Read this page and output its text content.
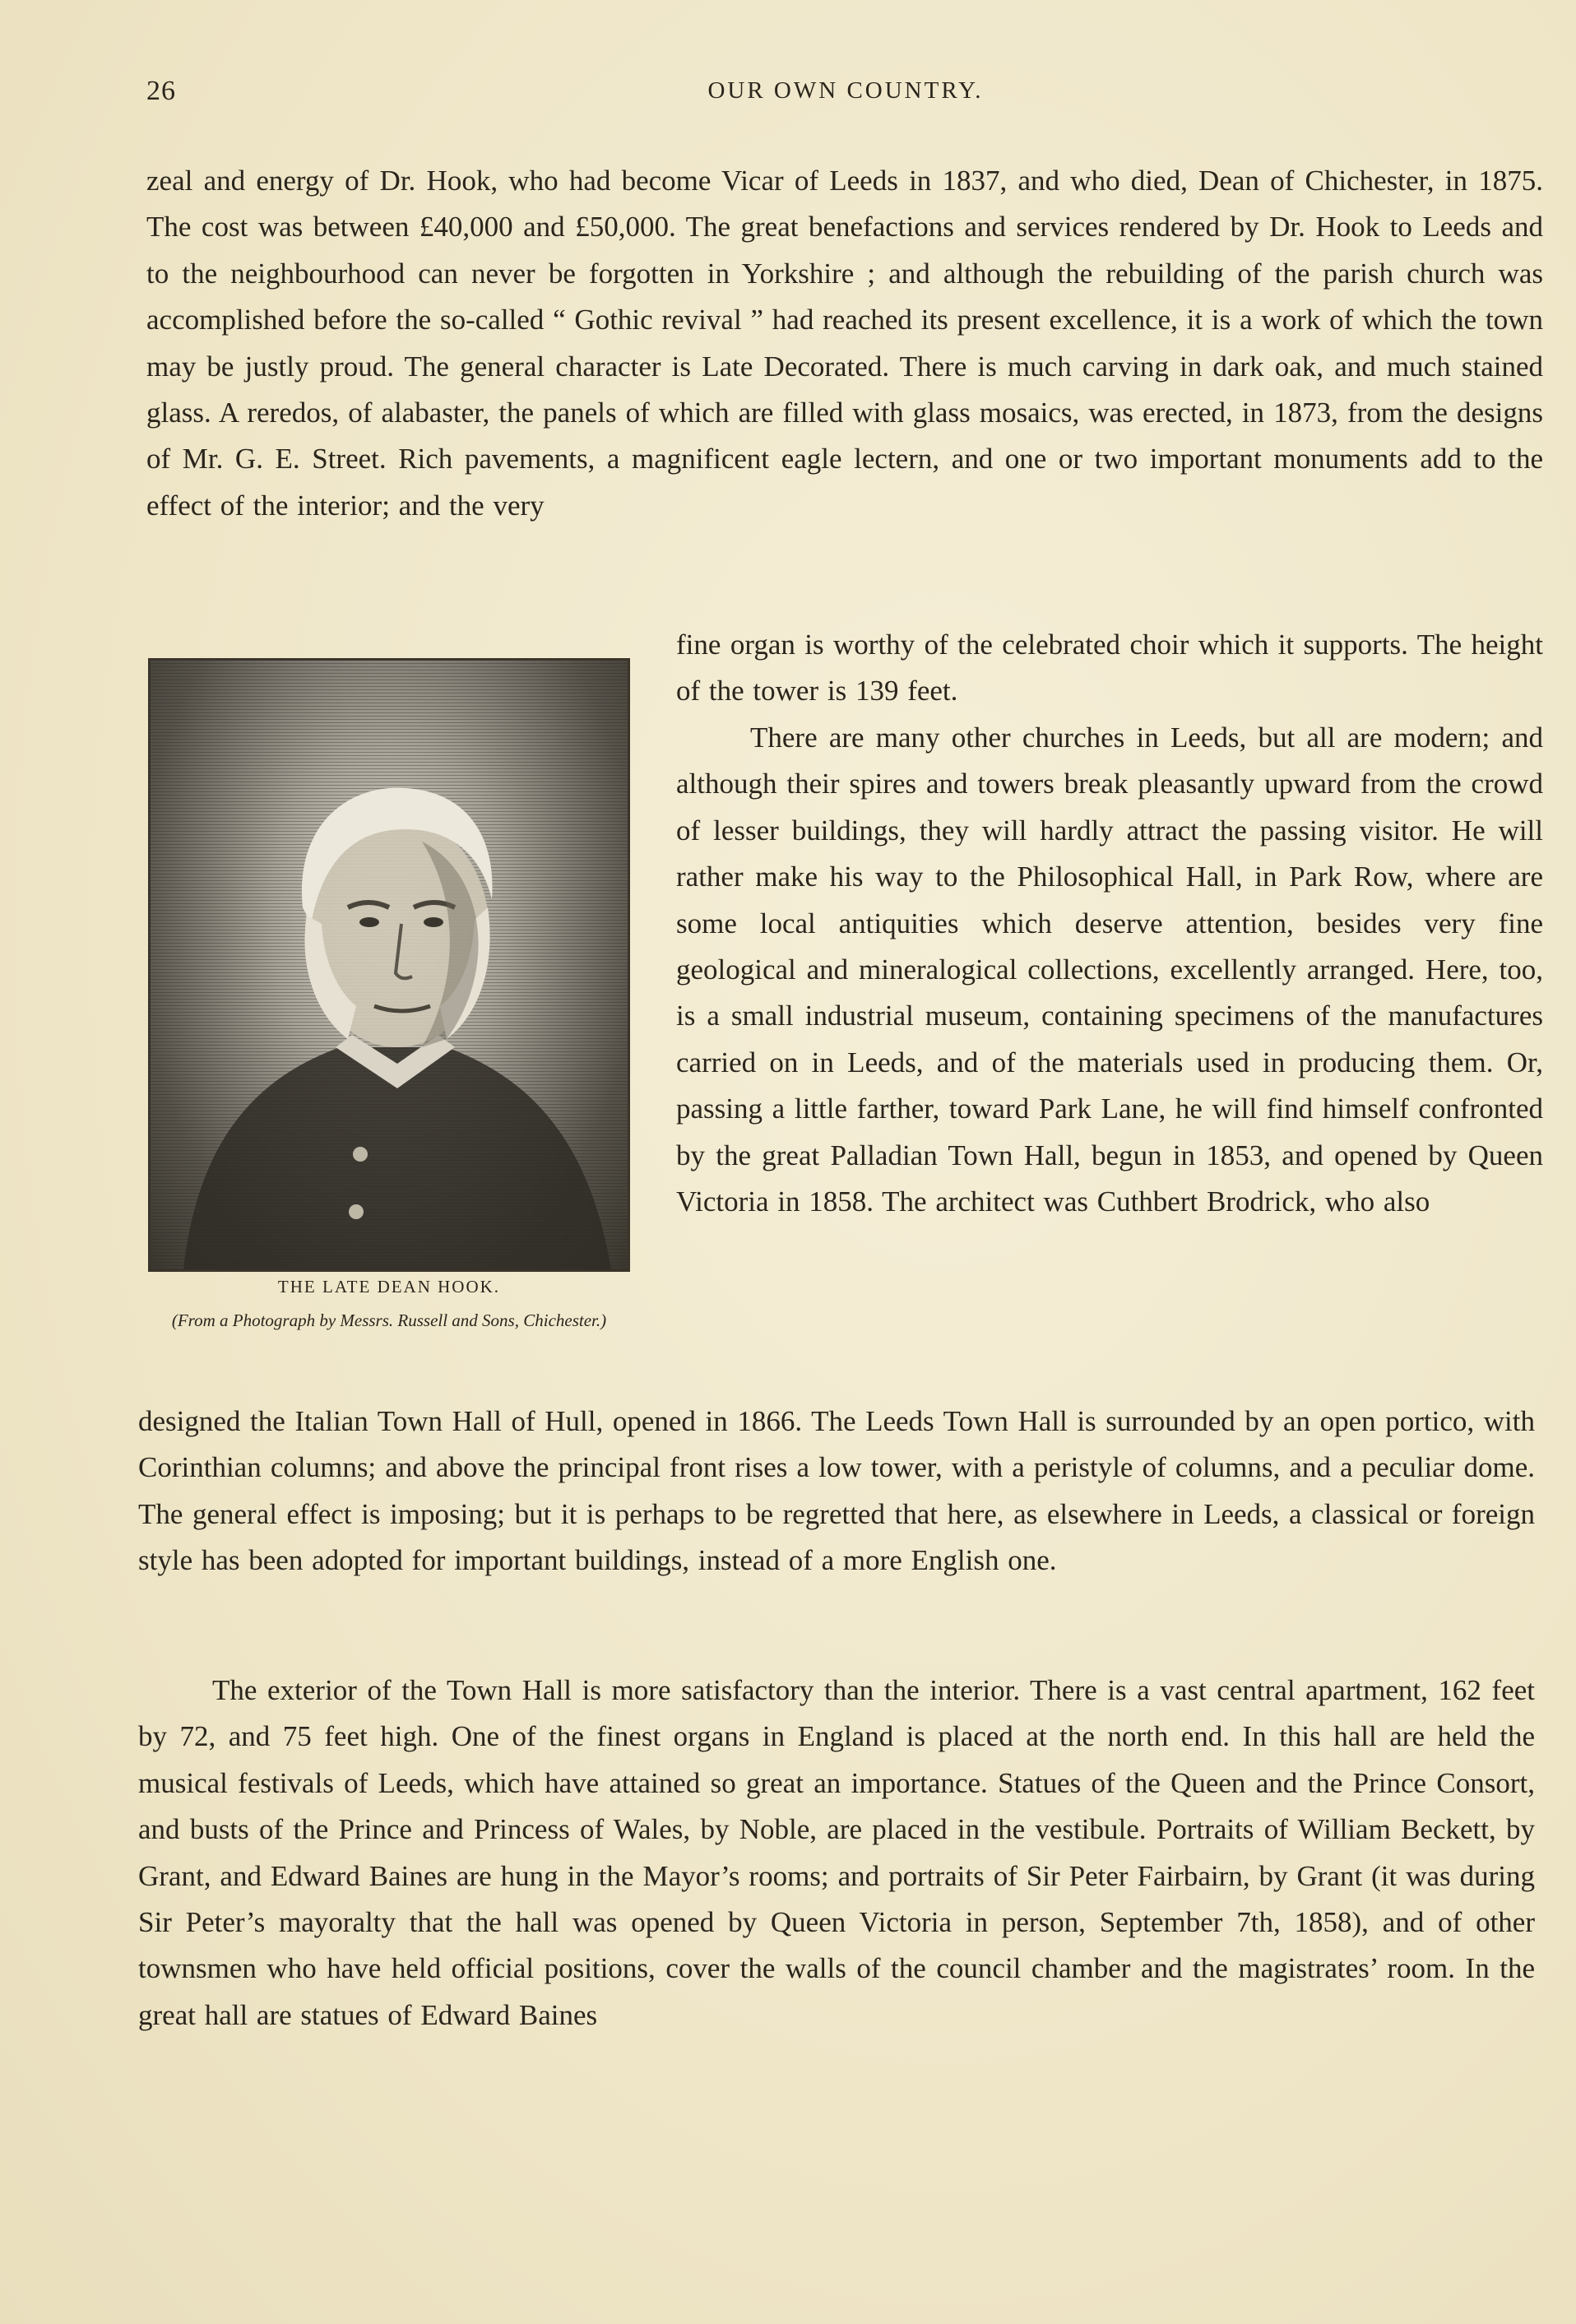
26	OUR OWN COUNTRY.

zeal and energy of Dr. Hook, who had become Vicar of Leeds in 1837, and who died, Dean of Chichester, in 1875. The cost was between £40,000 and £50,000. The great benefactions and services rendered by Dr. Hook to Leeds and to the neighbourhood can never be forgotten in Yorkshire ; and although the rebuilding of the parish church was accomplished before the so-called “ Gothic revival ” had reached its present excellence, it is a work of which the town may be justly proud. The general character is Late Decorated. There is much carving in dark oak, and much stained glass. A reredos, of alabaster, the panels of which are filled with glass mosaics, was erected, in 1873, from the designs of Mr. G. E. Street. Rich pavements, a magnificent eagle lectern, and one or two important monuments add to the effect of the interior; and the very

THE LATE DEAN HOOK.
(From a Photograph by Messrs. Russell and Sons, Chichester.)

fine organ is worthy of the celebrated choir which it supports. The height of the tower is 139 feet.

There are many other churches in Leeds, but all are modern; and although their spires and towers break pleasantly upward from the crowd of lesser buildings, they will hardly attract the passing visitor. He will rather make his way to the Philosophical Hall, in Park Row, where are some local antiquities which deserve attention, besides very fine geological and mineralogical collections, excellently arranged. Here, too, is a small industrial museum, containing specimens of the manufactures carried on in Leeds, and of the materials used in producing them. Or, passing a little farther, toward Park Lane, he will find himself confronted by the great Palladian Town Hall, begun in 1853, and opened by Queen Victoria in 1858. The architect was Cuthbert Brodrick, who also

designed the Italian Town Hall of Hull, opened in 1866. The Leeds Town Hall is surrounded by an open portico, with Corinthian columns; and above the principal front rises a low tower, with a peristyle of columns, and a peculiar dome. The general effect is imposing; but it is perhaps to be regretted that here, as elsewhere in Leeds, a classical or foreign style has been adopted for important buildings, instead of a more English one.

The exterior of the Town Hall is more satisfactory than the interior. There is a vast central apartment, 162 feet by 72, and 75 feet high. One of the finest organs in England is placed at the north end. In this hall are held the musical festivals of Leeds, which have attained so great an importance. Statues of the Queen and the Prince Consort, and busts of the Prince and Princess of Wales, by Noble, are placed in the vestibule. Portraits of William Beckett, by Grant, and Edward Baines are hung in the Mayor’s rooms; and portraits of Sir Peter Fairbairn, by Grant (it was during Sir Peter’s mayoralty that the hall was opened by Queen Victoria in person, September 7th, 1858), and of other townsmen who have held official positions, cover the walls of the council chamber and the magistrates’ room. In the great hall are statues of Edward Baines
